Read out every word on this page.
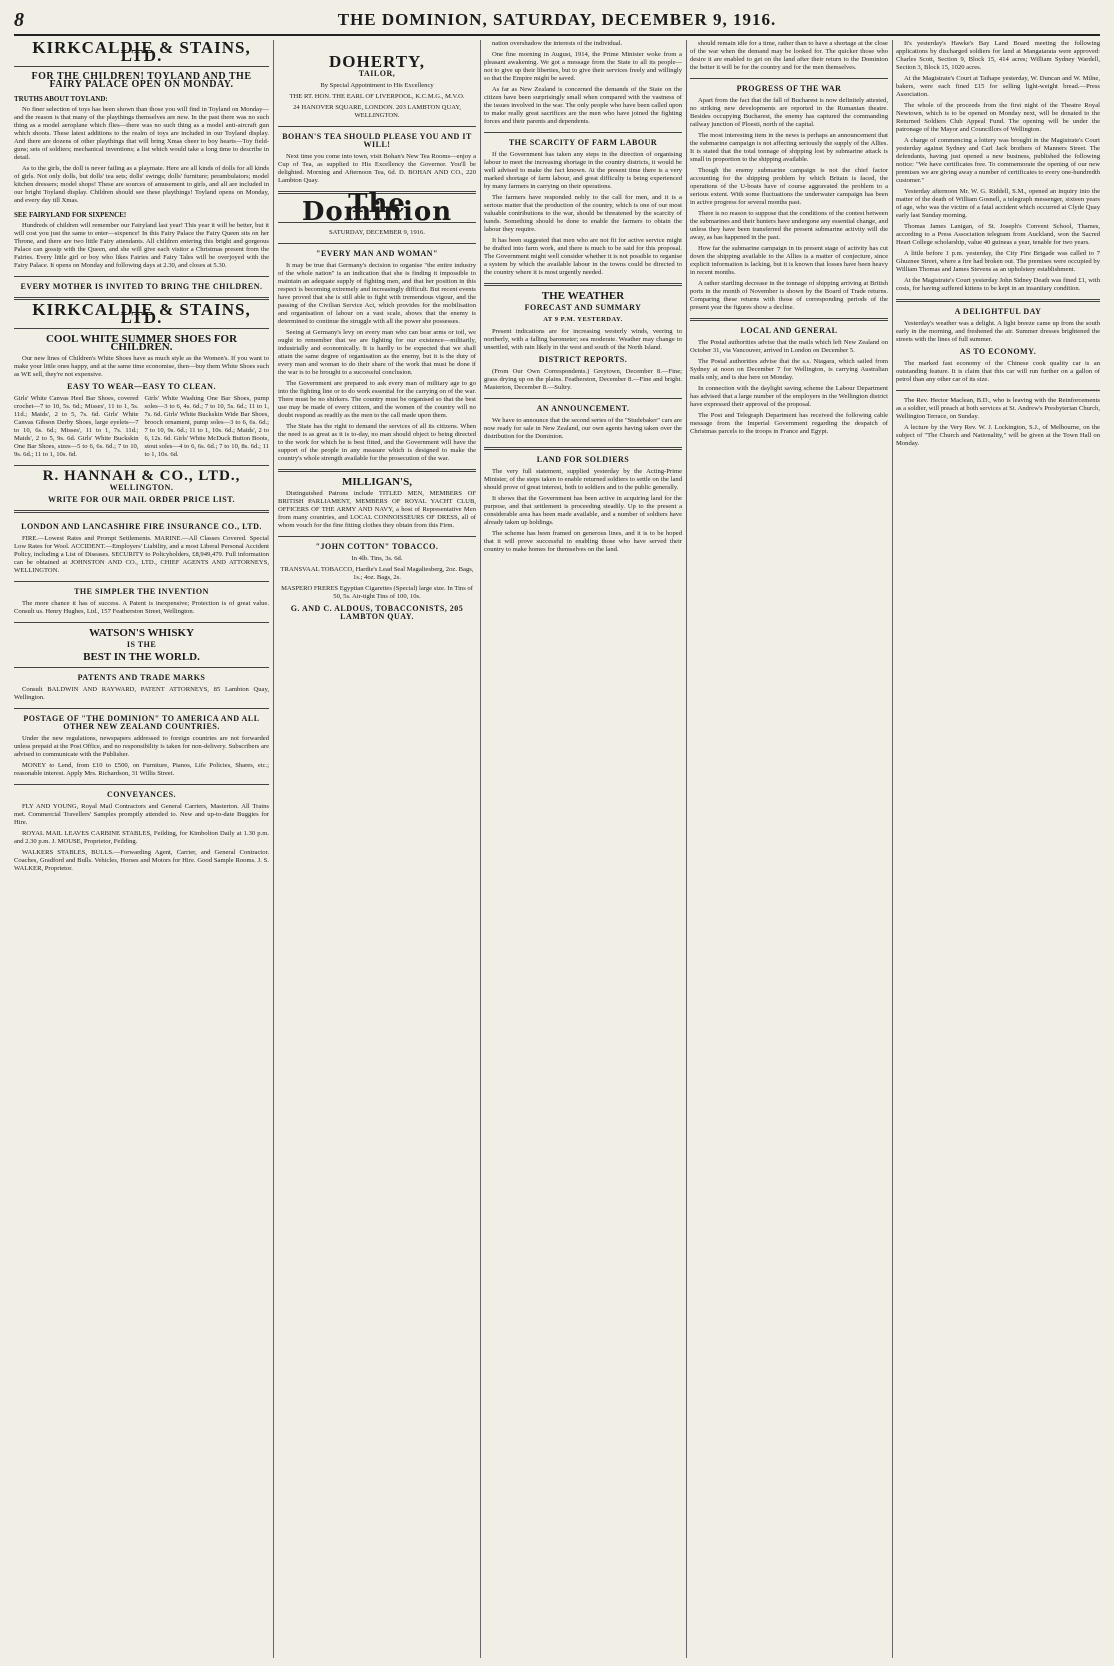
8	THE DOMINION, SATURDAY, DECEMBER 9, 1916.
KIRKCALDIE & STAINS, LTD.
FOR THE CHILDREN! TOYLAND AND THE FAIRY PALACE OPEN ON MONDAY.
TRUTHS ABOUT TOYLAND:

No finer selection of toys has been shown than those you will find in Toyland on Monday—and the reason is that many of the playthings themselves are new. In the past there was no such thing as a model aeroplane which flies—there was no such thing as a model anti-aircraft gun which shoots. These latest additions to the realm of toys are included in our Toyland display. And there are dozens of other playthings that will bring Xmas cheer to boy hearts—Toy field-guns; sets of soldiers; mechanical inventions; a list which would take a long time to describe in detail.

As to the girls, the doll is never failing as a playmate. Here are all kinds of dolls for all kinds of girls. Not only dolls, but dolls' tea sets; dolls' swings; dolls' furniture; perambulators; model kitchen dressers; model shops! These are sources of amusement to girls, and all are included in our bright Toyland display. Children should see these playthings! Toyland opens on Monday, and every day till Xmas.

SEE FAIRYLAND FOR SIXPENCE!

Hundreds of children will remember our Fairyland last year! This year it will be better, but it will cost you just the same to enter—sixpence! In this Fairy Palace the Fairy Queen sits on her Throne, and there are two little Fairy attendants. All children entering this bright and gorgeous Palace can gossip with the Queen, and she will give each visitor a Christmas present from the Fairies. Every little girl or boy who likes Fairies and Fairy Tales will be overjoyed with the Fairy Palace. It opens on Monday and following days at 2.30, and closes at 5.30.

EVERY MOTHER IS INVITED TO BRING THE CHILDREN.
KIRKCALDIE & STAINS, LTD.
COOL WHITE SUMMER SHOES FOR CHILDREN.

Our new lines of Children's White Shoes have as much style as the Women's. If you want to make your little ones happy, and at the same time economise, then—buy them White Shoes such as WE sell, they're not expensive.

EASY TO WEAR—EASY TO CLEAN.
Girls' White Canvas Heel Bar Shoes, covered crochet—7 to 10, 5s. 6d.; Misses', 11 to 1, 5s. 11d.; Maids', 2 to 5, 7s. 6d. Girls' White Canvas Gibson Derby Shoes, large eyelets—7 to 10, 6s. 6d.; Misses', 11 to 1, 7s. 11d.; Maids', 2 to 5, 9s. 6d. Girls' White Buckskin One Bar Shoes, sizes—5 to 6, 6s. 6d.; 7 to 10, 9s. 6d.; 11 to 1, 10s. 6d.
Girls' White Washing One Bar Shoes, pump soles—3 to 6, 4s. 6d.; 7 to 10, 5s. 6d.; 11 to 1, 7s. 6d. Girls' White Buckskin Wide Bar Shoes, brooch ornament, pump soles—3 to 6, 6s. 6d.; 7 to 10, 9s. 6d.; 11 to 1, 10s. 6d.; Maids', 2 to 6, 12s. 6d. Girls' White McDuck Button Boots, stout soles—4 to 6, 6s. 6d.; 7 to 10, 8s. 6d.; 11 to 1, 10s. 6d.
R. HANNAH & CO., LTD.,
WELLINGTON.
WRITE FOR OUR MAIL ORDER PRICE LIST.
LONDON AND LANCASHIRE FIRE INSURANCE CO., LTD.

FIRE.—Lowest Rates and Prompt Settlements. MARINE.—All Classes Covered. Special Low Rates for Wool. ACCIDENT.—Employers' Liability, and a most Liberal Personal Accident Policy, including a List of Diseases. SECURITY to Policyholders, £8,949,479. Full information can be obtained at JOHNSTON AND CO., LTD., CHIEF AGENTS AND ATTORNEYS, WELLINGTON.

THE SIMPLER THE INVENTION

The more chance it has of success. A Patent is inexpensive; Protection is of great value. Consult us. Henry Hughes, Ltd., 157 Featherston Street, Wellington.

WATSON'S WHISKY
IS THE
BEST IN THE WORLD.
PATENTS AND TRADE MARKS

Consult BALDWIN AND RAYWARD, PATENT ATTORNEYS, 85 Lambton Quay, Wellington.

POSTAGE OF "THE DOMINION" TO AMERICA AND ALL OTHER NEW ZEALAND COUNTRIES.

Under the new regulations, newspapers addressed to foreign countries are not forwarded unless prepaid at the Post Office, and no responsibility is taken for non-delivery. Subscribers are advised to communicate with the Publisher.

MONEY to Lend, from £10 to £500, on Furniture, Pianos, Life Policies, Shares, etc.; reasonable interest. Apply Mrs. Richardson, 31 Willis Street.

CONVEYANCES.

FLY AND YOUNG, Royal Mail Contractors and General Carriers, Masterton. All Trains met. Commercial Travellers' Samples promptly attended to. New and up-to-date Buggies for Hire.

ROYAL MAIL LEAVES CARBINE STABLES, Feilding, for Kimbolton Daily at 1.30 p.m. and 2.30 p.m. J. MOUSE, Proprietor, Feilding.

WALKERS STABLES, BULLS.—Forwarding Agent, Carrier, and General Contractor. Coaches, Gradford and Bulls. Vehicles, Horses and Motors for Hire. Good Sample Rooms. J. S. WALKER, Proprietor.

DOHERTY,
TAILOR,

By Special Appointment to His Excellency

THE RT. HON. THE EARL OF LIVERPOOL, K.C.M.G., M.V.O.

24 HANOVER SQUARE, LONDON. 203 LAMBTON QUAY, WELLINGTON.

BOHAN'S TEA SHOULD PLEASE YOU AND IT WILL!

Next time you come into town, visit Bohan's New Tea Rooms—enjoy a Cup of Tea, as supplied to His Excellency the Governor. You'll be delighted. Morning and Afternoon Tea, 6d. D. BOHAN AND CO., 220 Lambton Quay.

The Dominion

SATURDAY, DECEMBER 9, 1916.

"EVERY MAN AND WOMAN"

It may be true that Germany's decision to organise "the entire industry of the whole nation" is an indication that she is finding it impossible to maintain an adequate supply of fighting men, and that her position in this respect is becoming extremely and increasingly difficult. But recent events have proved that she is still able to fight with tremendous vigour, and the passing of the Civilian Service Act, which provides for the mobilisation and organisation of labour on a vast scale, shows that the enemy is determined to continue the struggle with all the power she possesses.

Seeing at Germany's levy on every man who can bear arms or toil, we ought to remember that we are fighting for our existence—militarily, industrially and economically. It is hardly to be expected that we shall attain the same degree of organisation as the enemy, but it is the duty of every man and woman to do their share of the work that must be done if the war is to be brought to a successful conclusion.

The Government are prepared to ask every man of military age to go into the fighting line or to do work essential for the carrying on of the war. There must be no shirkers. The country must be organised so that the best use may be made of every citizen, and the women of the country will no doubt respond as readily as the men to the call made upon them.

The State has the right to demand the services of all its citizens. When the need is as great as it is to-day, no man should object to being directed to the work for which he is best fitted, and the Government will have the support of the people in any measure which is designed to make the country's whole strength available for the prosecution of the war.

MILLIGAN'S,

Distinguished Patrons include TITLED MEN, MEMBERS OF BRITISH PARLIAMENT, MEMBERS OF ROYAL YACHT CLUB, OFFICERS OF THE ARMY AND NAVY, a host of Representative Men from many countries, and LOCAL CONNOISSEURS OF DRESS, all of whom vouch for the fine fitting clothes they obtain from this Firm.

"JOHN COTTON" TOBACCO.

In 4lb. Tins, 3s. 6d.

TRANSVAAL TOBACCO, Hardie's Lead Seal Magaliesberg, 2oz. Bags, 1s.; 4oz. Bags, 2s.

MASPERO FRERES Egyptian Cigarettes (Special) large size. In Tins of 50, 5s. Air-tight Tins of 100, 10s.

G. AND C. ALDOUS, TOBACCONISTS, 205 LAMBTON QUAY.

nation overshadow the interests of the individual.

One fine morning in August, 1914, the Prime Minister woke from a pleasant awakening. We got a message from the State to all its people—not to give up their liberties, but to give their services freely and willingly so that the Empire might be saved.

As far as New Zealand is concerned the demands of the State on the citizen have been surprisingly small when compared with the vastness of the issues involved in the war. The only people who have been called upon to make really great sacrifices are the men who have joined the fighting forces and their parents and dependents.

THE SCARCITY OF FARM LABOUR

If the Government has taken any steps in the direction of organising labour to meet the increasing shortage in the country districts, it would be well advised to make the fact known. At the present time there is a very marked shortage of farm labour, and great difficulty is being experienced by many farmers in carrying on their operations.

The farmers have responded nobly to the call for men, and it is a serious matter that the production of the country, which is one of our most valuable contributions to the war, should be threatened by the scarcity of hands. Something should be done to enable the farmers to obtain the labour they require.

It has been suggested that men who are not fit for active service might be drafted into farm work, and there is much to be said for this proposal. The Government might well consider whether it is not possible to organise a system by which the available labour in the towns could be directed to the country where it is most urgently needed.

THE WEATHER
FORECAST AND SUMMARY
AT 9 P.M. YESTERDAY.

Present indications are for increasing westerly winds, veering to northerly, with a falling barometer; sea moderate. Weather may change to unsettled, with rain likely in the west and south of the North Island.

DISTRICT REPORTS.

(From Our Own Correspondents.) Greytown, December 8.—Fine; grass drying up on the plains. Featherston, December 8.—Fine and bright. Masterton, December 8.—Sultry.

AN ANNOUNCEMENT.

We have to announce that the second series of the "Studebaker" cars are now ready for sale in New Zealand, our own agents having taken over the distribution for the Dominion.

LAND FOR SOLDIERS

The very full statement, supplied yesterday by the Acting-Prime Minister, of the steps taken to enable returned soldiers to settle on the land should prove of great interest, both to soldiers and to the public generally.

It shows that the Government has been active in acquiring land for the purpose, and that settlement is proceeding steadily. Up to the present a considerable area has been made available, and a number of soldiers have already taken up holdings.

The scheme has been framed on generous lines, and it is to be hoped that it will prove successful in enabling those who have served their country to make homes for themselves on the land.

should remain idle for a time, rather than to have a shortage at the close of the war when the demand may be looked for. The quicker those who desire it are enabled to get on the land after their return to the Dominion the better it will be for the country and for the men themselves.

PROGRESS OF THE WAR

Apart from the fact that the fall of Bucharest is now definitely attested, no striking new developments are reported in the Rumanian theatre. Besides occupying Bucharest, the enemy has captured the commanding railway junction of Ploesti, north of the capital.

The most interesting item in the news is perhaps an announcement that the submarine campaign is not affecting seriously the supply of the Allies. It is stated that the total tonnage of shipping lost by submarine attack is small in proportion to the shipping available.

Though the enemy submarine campaign is not the chief factor accounting for the shipping problem by which Britain is faced, the operations of the U-boats have of course aggravated the problem to a serious extent. With some fluctuations the underwater campaign has been in active progress for several months past.

There is no reason to suppose that the conditions of the contest between the submarines and their hunters have undergone any essential change, and unless they have been transferred the present submarine activity will die away, as has happened in the past.

How far the submarine campaign in its present stage of activity has cut down the shipping available to the Allies is a matter of conjecture, since explicit information is lacking, but it is known that losses have been heavy in recent months.

A rather startling decrease in the tonnage of shipping arriving at British ports in the month of November is shown by the Board of Trade returns. Comparing these returns with those of corresponding periods of the present year the figures show a decline.

LOCAL AND GENERAL

The Postal authorities advise that the mails which left New Zealand on October 31, via Vancouver, arrived in London on December 5.

The Postal authorities advise that the s.s. Niagara, which sailed from Sydney at noon on December 7 for Wellington, is carrying Australian mails only, and is due here on Monday.

In connection with the daylight saving scheme the Labour Department has advised that a large number of the employers in the Wellington district have expressed their approval of the proposal.

The Post and Telegraph Department has received the following cable message from the Imperial Government regarding the despatch of Christmas parcels to the troops in France and Egypt.

It's yesterday's Hawke's Bay Land Board meeting the following applications by discharged soldiers for land at Mangatarata were approved: Charles Scott, Section 9, Block 15, 414 acres; William Sydney Wardell, Section 3, Block 15, 1020 acres.

At the Magistrate's Court at Taihape yesterday, W. Duncan and W. Milne, bakers, were each fined £15 for selling light-weight bread.—Press Association.

The whole of the proceeds from the first night of the Theatre Royal Newtown, which is to be opened on Monday next, will be donated to the Returned Soldiers Club Appeal Fund. The opening will be under the patronage of the Mayor and Councillors of Wellington.

A charge of commencing a lottery was brought in the Magistrate's Court yesterday against Sydney and Carl Jack brothers of Manners Street. The defendants, having just opened a new business, published the following notice: "We have certificates free. To commemorate the opening of our new premises we are giving away a number of certificates to every one-hundredth customer."

Yesterday afternoon Mr. W. G. Riddell, S.M., opened an inquiry into the matter of the death of William Gosnell, a telegraph messenger, sixteen years of age, who was the victim of a fatal accident which occurred at Clyde Quay early last Sunday morning.

Thomas James Lanigan, of St. Joseph's Convent School, Thames, according to a Press Association telegram from Auckland, won the Sacred Heart College scholarship, value 40 guineas a year, tenable for two years.

A little before 1 p.m. yesterday, the City Fire Brigade was called to 7 Ghuznee Street, where a fire had broken out. The premises were occupied by William Thomas and James Stevens as an upholstery establishment.

At the Magistrate's Court yesterday John Sidney Death was fined £1, with costs, for having suffered kittens to be kept in an insanitary condition.

A DELIGHTFUL DAY

Yesterday's weather was a delight. A light breeze came up from the south early in the morning, and freshened the air. Summer dresses brightened the streets with the lines of full summer.

AS TO ECONOMY.

The marked fast economy of the Chinese cook quality car is an outstanding feature. It is claim that this car will run further on a gallon of petrol than any other car of its size.

The Rev. Hector Maclean, B.D., who is leaving with the Reinforcements as a soldier, will preach at both services at St. Andrew's Presbyterian Church, Wellington Terrace, on Sunday.

A lecture by the Very Rev. W. J. Lockington, S.J., of Melbourne, on the subject of "The Church and Nationality," will be given at the Town Hall on Monday.
